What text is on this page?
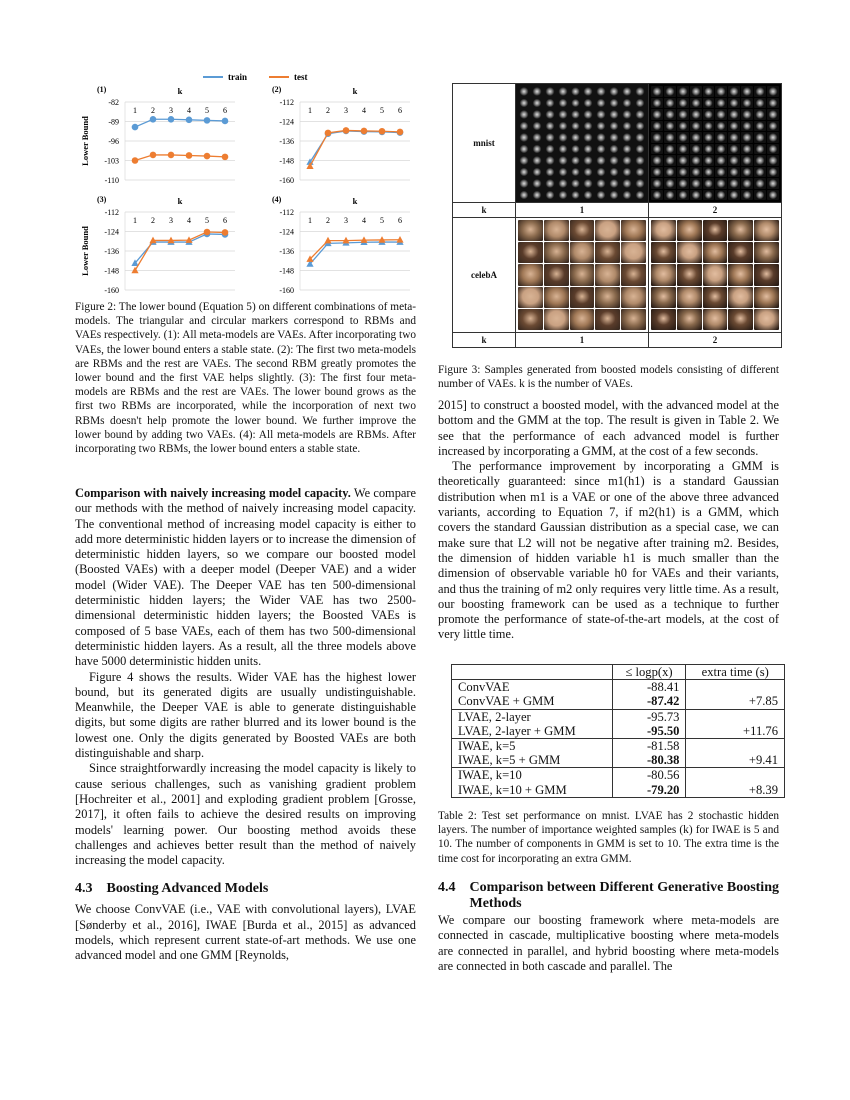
train	test
(1)	k
Lower Bound
-82
-89
-96
-103
-110
1 2 3 4 5 6
(2)	k
-112
-124
-136
-148
-160
1 2 3 4 5 6
(3)	k
Lower Bound
-112
-124
-136
-148
-160
1 2 3 4 5 6
(4)	k
-112
-124
-136
-148
-160
1 2 3 4 5 6
Figure 2: The lower bound (Equation 5) on different combinations of meta-models. The triangular and circular markers correspond to RBMs and VAEs respectively. (1): All meta-models are VAEs. After incorporating two VAEs, the lower bound enters a stable state. (2): The first two meta-models are RBMs and the rest are VAEs. The second RBM greatly promotes the lower bound and the first VAE helps slightly. (3): The first four meta-models are RBMs and the rest are VAEs. The lower bound grows as the first two RBMs are incorporated, while the incorporation of next two RBMs doesn't help promote the lower bound. We further improve the lower bound by adding two VAEs. (4): All meta-models are RBMs. After incorporating two RBMs, the lower bound enters a stable state.

Comparison with naively increasing model capacity. We compare our methods with the method of naively increasing model capacity. The conventional method of increasing model capacity is either to add more deterministic hidden layers or to increase the dimension of deterministic hidden layers, so we compare our boosted model (Boosted VAEs) with a deeper model (Deeper VAE) and a wider model (Wider VAE). The Deeper VAE has ten 500-dimensional deterministic hidden layers; the Wider VAE has two 2500-dimensional deterministic hidden layers; the Boosted VAEs is composed of 5 base VAEs, each of them has two 500-dimensional deterministic hidden layers. As a result, all the three models above have 5000 deterministic hidden units.

Figure 4 shows the results. Wider VAE has the highest lower bound, but its generated digits are usually undistinguishable. Meanwhile, the Deeper VAE is able to generate distinguishable digits, but some digits are rather blurred and its lower bound is the lowest one. Only the digits generated by Boosted VAEs are both distinguishable and sharp.

Since straightforwardly increasing the model capacity is likely to cause serious challenges, such as vanishing gradient problem [Hochreiter et al., 2001] and exploding gradient problem [Grosse, 2017], it often fails to achieve the desired results on improving models' learning power. Our boosting method avoids these challenges and achieves better result than the method of naively increasing the model capacity.

4.3 Boosting Advanced Models

We choose ConvVAE (i.e., VAE with convolutional layers), LVAE [Sønderby et al., 2016], IWAE [Burda et al., 2015] as advanced models, which represent current state-of-art methods. We use one advanced model and one GMM [Reynolds,

mnist
k	1	2
celebA
k	1	2
Figure 3: Samples generated from boosted models consisting of different number of VAEs. k is the number of VAEs.

2015] to construct a boosted model, with the advanced model at the bottom and the GMM at the top. The result is given in Table 2. We see that the performance of each advanced model is further increased by incorporating a GMM, at the cost of a few seconds.

The performance improvement by incorporating a GMM is theoretically guaranteed: since m1(h1) is a standard Gaussian distribution when m1 is a VAE or one of the above three advanced variants, according to Equation 7, if m2(h1) is a GMM, which covers the standard Gaussian distribution as a special case, we can make sure that L2 will not be negative after training m2. Besides, the dimension of hidden variable h1 is much smaller than the dimension of observable variable h0 for VAEs and their variants, and thus the training of m2 only requires very little time. As a result, our boosting framework can be used as a technique to further promote the performance of state-of-the-art models, at the cost of very little time.

	≤ logp(x)	extra time (s)
ConvVAE	-88.41	
ConvVAE + GMM	-87.42	+7.85
LVAE, 2-layer	-95.73	
LVAE, 2-layer + GMM	-95.50	+11.76
IWAE, k=5	-81.58	
IWAE, k=5 + GMM	-80.38	+9.41
IWAE, k=10	-80.56	
IWAE, k=10 + GMM	-79.20	+8.39
Table 2: Test set performance on mnist. LVAE has 2 stochastic hidden layers. The number of importance weighted samples (k) for IWAE is 5 and 10. The number of components in GMM is set to 10. The extra time is the time cost for incorporating an extra GMM.
4.4 Comparison between Different Generative Boosting Methods

We compare our boosting framework where meta-models are connected in cascade, multiplicative boosting where meta-models are connected in parallel, and hybrid boosting where meta-models are connected in both cascade and parallel. The
